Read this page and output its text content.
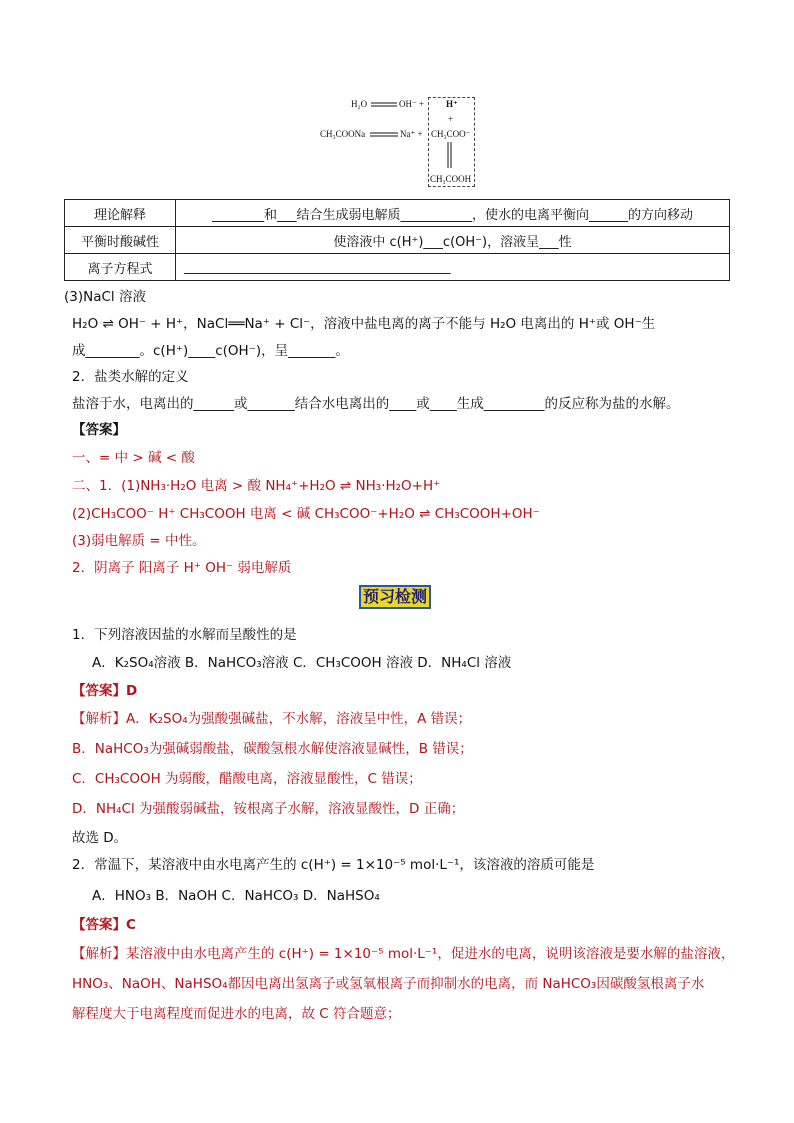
H₂O	OH⁻ +
CH₃COONa	Na⁺ +
H⁺
+
CH₃COO⁻
CH₃COOH
理论解释	________和___结合生成弱电解质___________，使水的电离平衡向______的方向移动
平衡时酸碱性	使溶液中 c(H⁺)___c(OH⁻)，溶液呈___性
离子方程式	_________________________________________
(3)NaCl 溶液
H₂O ⇌ OH⁻ + H⁺，NaCl══Na⁺ + Cl⁻，溶液中盐电离的离子不能与 H₂O 电离出的 H⁺或 OH⁻生
成________。c(H⁺)____c(OH⁻)，呈_______。
2．盐类水解的定义
盐溶于水，电离出的______或_______结合水电离出的____或____生成_________的反应称为盐的水解。
【答案】
一、= 中 > 碱 < 酸
二、1．(1)NH₃·H₂O 电离 > 酸 NH₄⁺+H₂O ⇌ NH₃·H₂O+H⁺
(2)CH₃COO⁻ H⁺ CH₃COOH 电离 < 碱 CH₃COO⁻+H₂O ⇌ CH₃COOH+OH⁻
(3)弱电解质 = 中性。
2．阴离子 阳离子 H⁺ OH⁻ 弱电解质
预习检测
1．下列溶液因盐的水解而呈酸性的是
A．K₂SO₄溶液 B．NaHCO₃溶液 C．CH₃COOH 溶液 D．NH₄Cl 溶液
【答案】D
【解析】A．K₂SO₄为强酸强碱盐，不水解，溶液呈中性，A 错误；
B．NaHCO₃为强碱弱酸盐，碳酸氢根水解使溶液显碱性，B 错误；
C．CH₃COOH 为弱酸，醋酸电离，溶液显酸性，C 错误；
D．NH₄Cl 为强酸弱碱盐，铵根离子水解，溶液显酸性，D 正确；
故选 D。
2．常温下，某溶液中由水电离产生的 c(H⁺) = 1×10⁻⁵ mol·L⁻¹，该溶液的溶质可能是
A．HNO₃ B．NaOH C．NaHCO₃ D．NaHSO₄
【答案】C
【解析】某溶液中由水电离产生的 c(H⁺) = 1×10⁻⁵ mol·L⁻¹，促进水的电离，说明该溶液是要水解的盐溶液，
HNO₃、NaOH、NaHSO₄都因电离出氢离子或氢氧根离子而抑制水的电离，而 NaHCO₃因碳酸氢根离子水
解程度大于电离程度而促进水的电离，故 C 符合题意；
